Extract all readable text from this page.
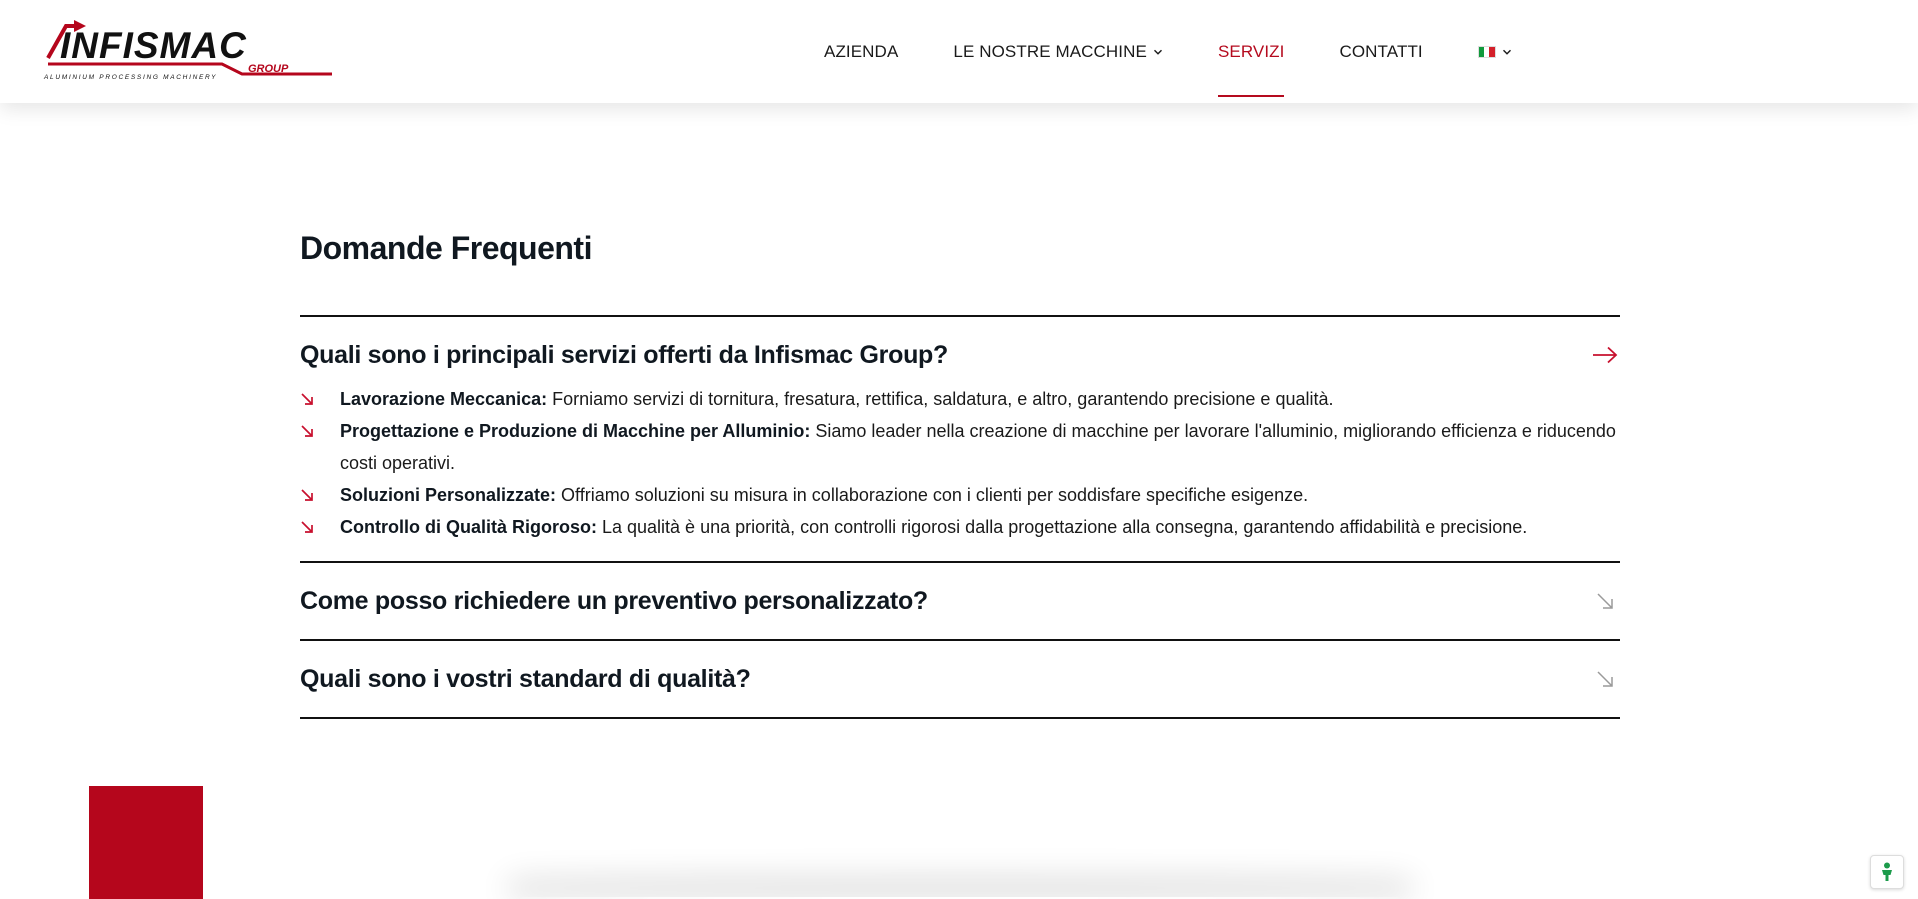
INFISMAC
GROUP
ALUMINIUM PROCESSING MACHINERY
AZIENDA	LE NOSTRE MACCHINE	SERVIZI	CONTATTI
Domande Frequenti
Quali sono i principali servizi offerti da Infismac Group?
Lavorazione Meccanica: Forniamo servizi di tornitura, fresatura, rettifica, saldatura, e altro, garantendo precisione e qualità.
Progettazione e Produzione di Macchine per Alluminio: Siamo leader nella creazione di macchine per lavorare l'alluminio, migliorando efficienza e riducendo costi operativi.
Soluzioni Personalizzate: Offriamo soluzioni su misura in collaborazione con i clienti per soddisfare specifiche esigenze.
Controllo di Qualità Rigoroso: La qualità è una priorità, con controlli rigorosi dalla progettazione alla consegna, garantendo affidabilità e precisione.
Come posso richiedere un preventivo personalizzato?
Quali sono i vostri standard di qualità?
